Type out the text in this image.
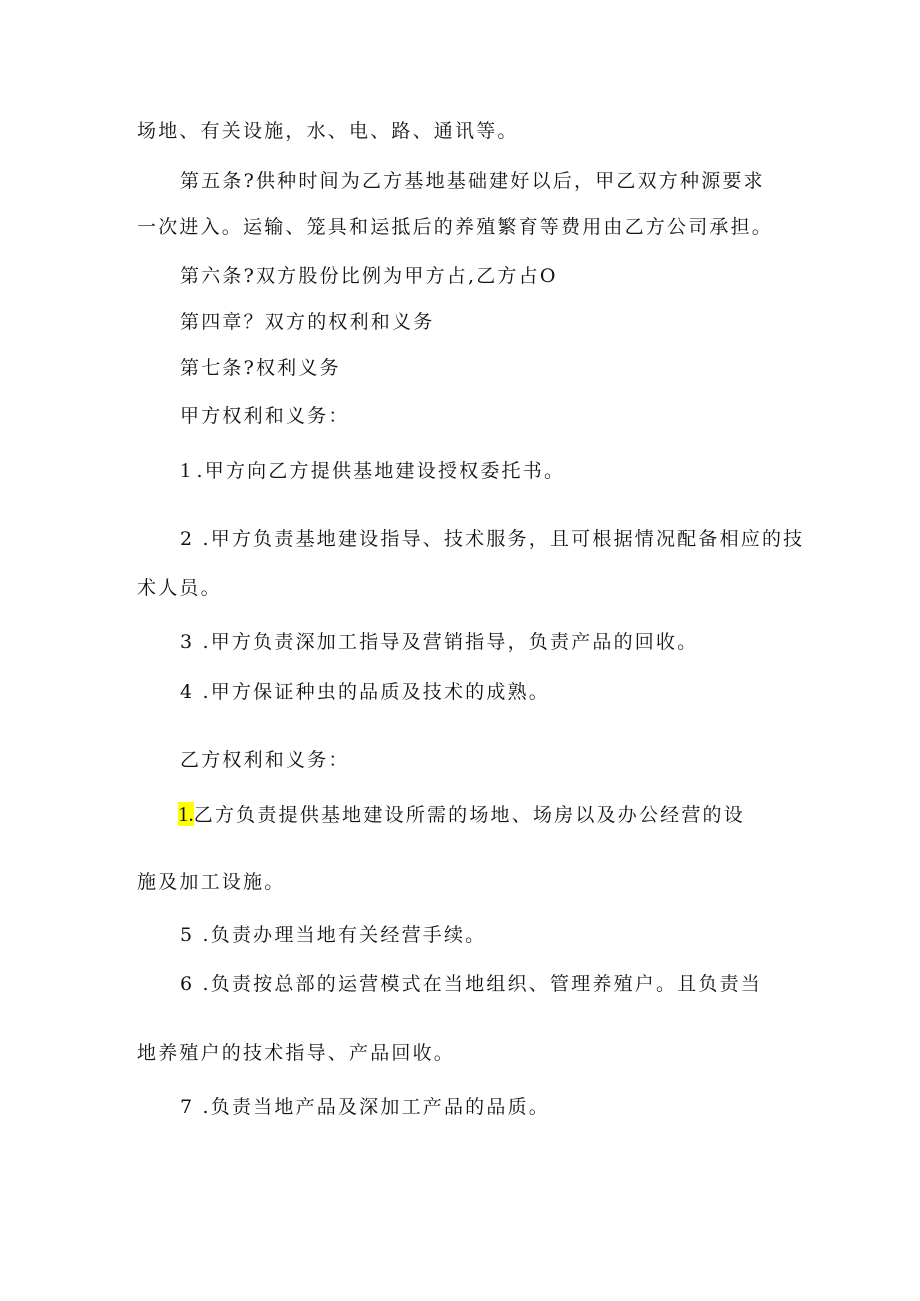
场地、有关设施，水、电、路、通讯等。
第五条?供种时间为乙方基地基础建好以后，甲乙双方种源要求
一次进入。运输、笼具和运抵后的养殖繁育等费用由乙方公司承担。
第六条?双方股份比例为甲方占,乙方占O
第四章？双方的权利和义务
第七条?权利义务
甲方权利和义务：
1 .甲方向乙方提供基地建设授权委托书。
2 .甲方负责基地建设指导、技术服务，且可根据情况配备相应的技
术人员。
3 .甲方负责深加工指导及营销指导，负责产品的回收。
4 .甲方保证种虫的品质及技术的成熟。
乙方权利和义务：
1.乙方负责提供基地建设所需的场地、场房以及办公经营的设
施及加工设施。
5 .负责办理当地有关经营手续。
6 .负责按总部的运营模式在当地组织、管理养殖户。且负责当
地养殖户的技术指导、产品回收。
7 .负责当地产品及深加工产品的品质。
